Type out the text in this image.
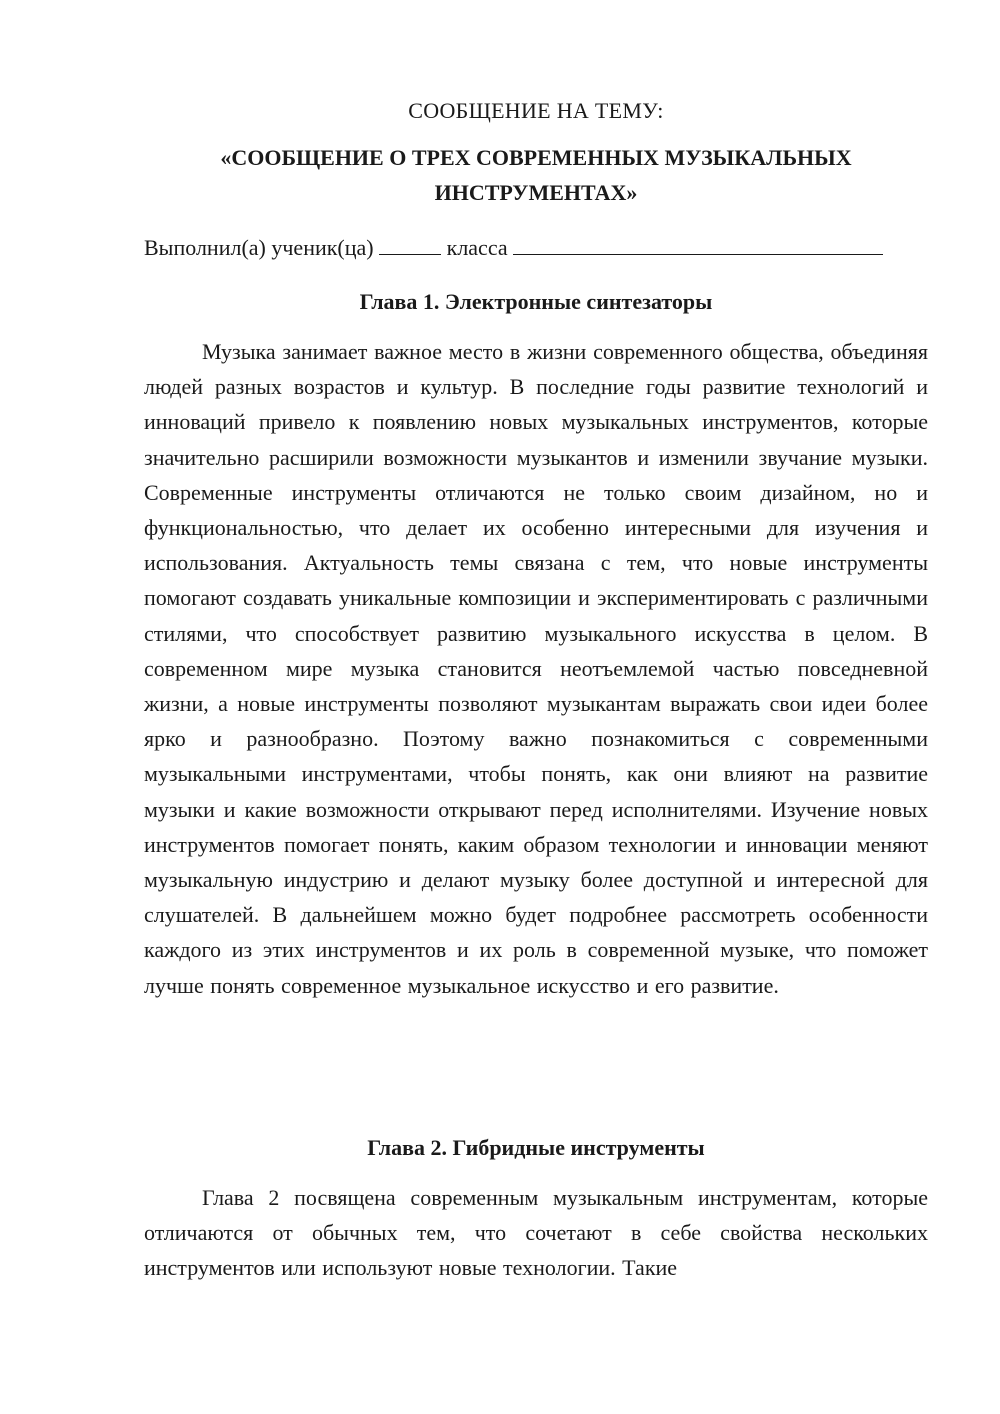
СООБЩЕНИЕ НА ТЕМУ:

«СООБЩЕНИЕ О ТРЕХ СОВРЕМЕННЫХ МУЗЫКАЛЬНЫХ
ИНСТРУМЕНТАХ»
Выполнил(а) ученик(ца)	класса
Глава 1. Электронные синтезаторы

Музыка занимает важное место в жизни современного общества, объединяя людей разных возрастов и культур. В последние годы развитие технологий и инноваций привело к появлению новых музыкальных инструментов, которые значительно расширили возможности музыкантов и изменили звучание музыки. Современные инструменты отличаются не только своим дизайном, но и функциональностью, что делает их особенно интересными для изучения и использования. Актуальность темы связана с тем, что новые инструменты помогают создавать уникальные композиции и экспериментировать с различными стилями, что способствует развитию музыкального искусства в целом. В современном мире музыка становится неотъемлемой частью повседневной жизни, а новые инструменты позволяют музыкантам выражать свои идеи более ярко и разнообразно. Поэтому важно познакомиться с современными музыкальными инструментами, чтобы понять, как они влияют на развитие музыки и какие возможности открывают перед исполнителями. Изучение новых инструментов помогает понять, каким образом технологии и инновации меняют музыкальную индустрию и делают музыку более доступной и интересной для слушателей. В дальнейшем можно будет подробнее рассмотреть особенности каждого из этих инструментов и их роль в современной музыке, что поможет лучше понять современное музыкальное искусство и его развитие.

Глава 2. Гибридные инструменты

Глава 2 посвящена современным музыкальным инструментам, которые отличаются от обычных тем, что сочетают в себе свойства нескольких инструментов или используют новые технологии. Такие
